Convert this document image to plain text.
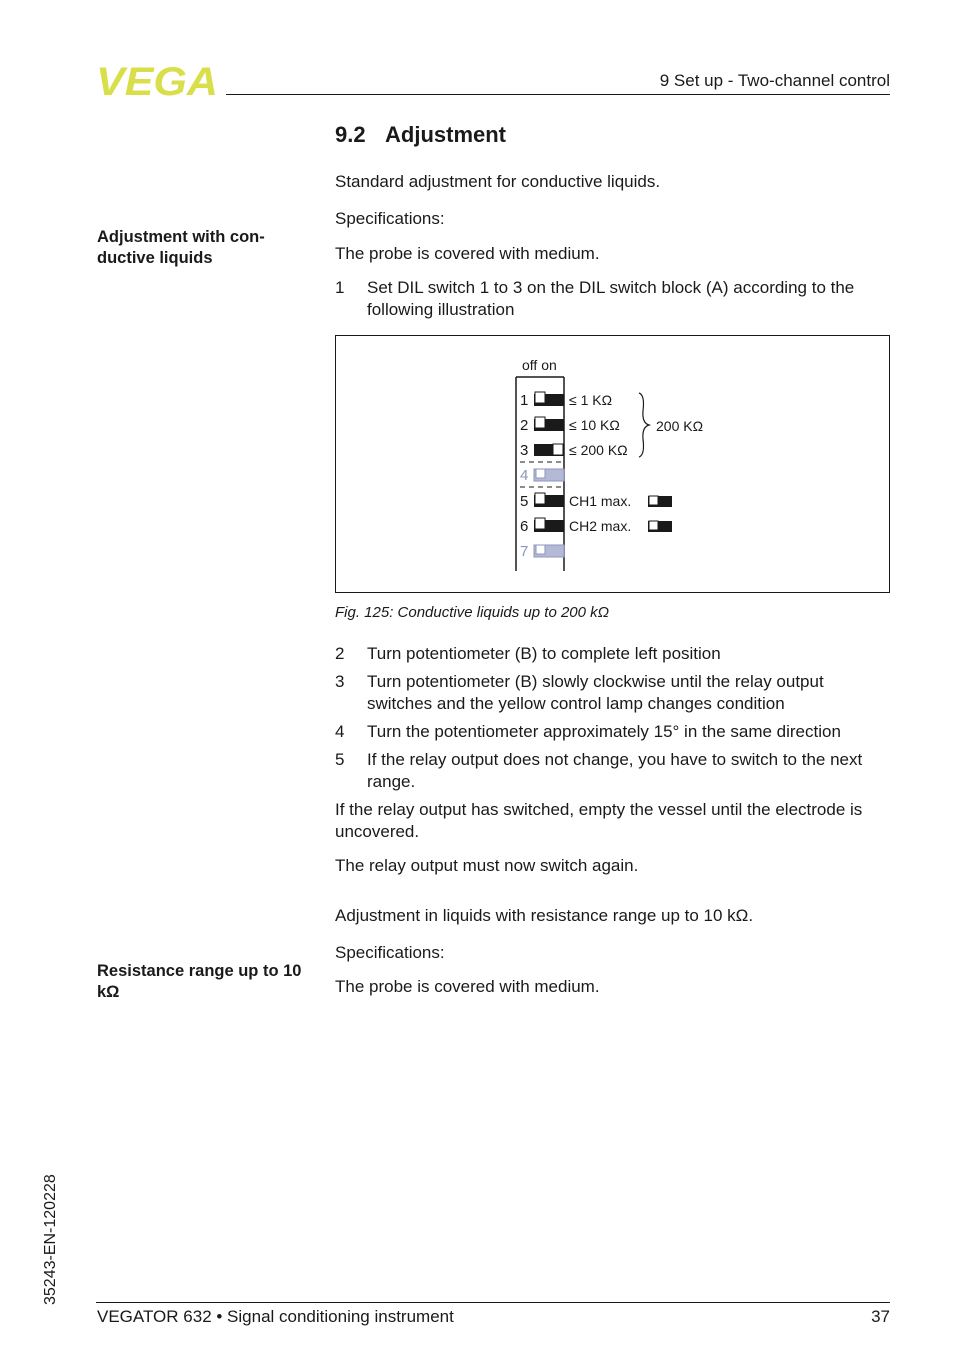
VEGA	9 Set up - Two-channel control
9.2 Adjustment
Standard adjustment for conductive liquids.
Specifications:
Adjustment with con-ductive liquids	The probe is covered with medium.
1 Set DIL switch 1 to 3 on the DIL switch block (A) according to the following illustration
off on
1	≤ 1 KΩ
2	≤ 10 KΩ
3	≤ 200 KΩ
4
5	CH1 max.
6	CH2 max.
7
200 KΩ
Fig. 125: Conductive liquids up to 200 kΩ
2 Turn potentiometer (B) to complete left position
3 Turn potentiometer (B) slowly clockwise until the relay output switches and the yellow control lamp changes condition
4 Turn the potentiometer approximately 15° in the same direction
5 If the relay output does not change, you have to switch to the next range.
If the relay output has switched, empty the vessel until the electrode is uncovered.
The relay output must now switch again.
Adjustment in liquids with resistance range up to 10 kΩ.
Specifications:
Resistance range up to 10 kΩ	The probe is covered with medium.
35243-EN-120228
VEGATOR 632 • Signal conditioning instrument	37
